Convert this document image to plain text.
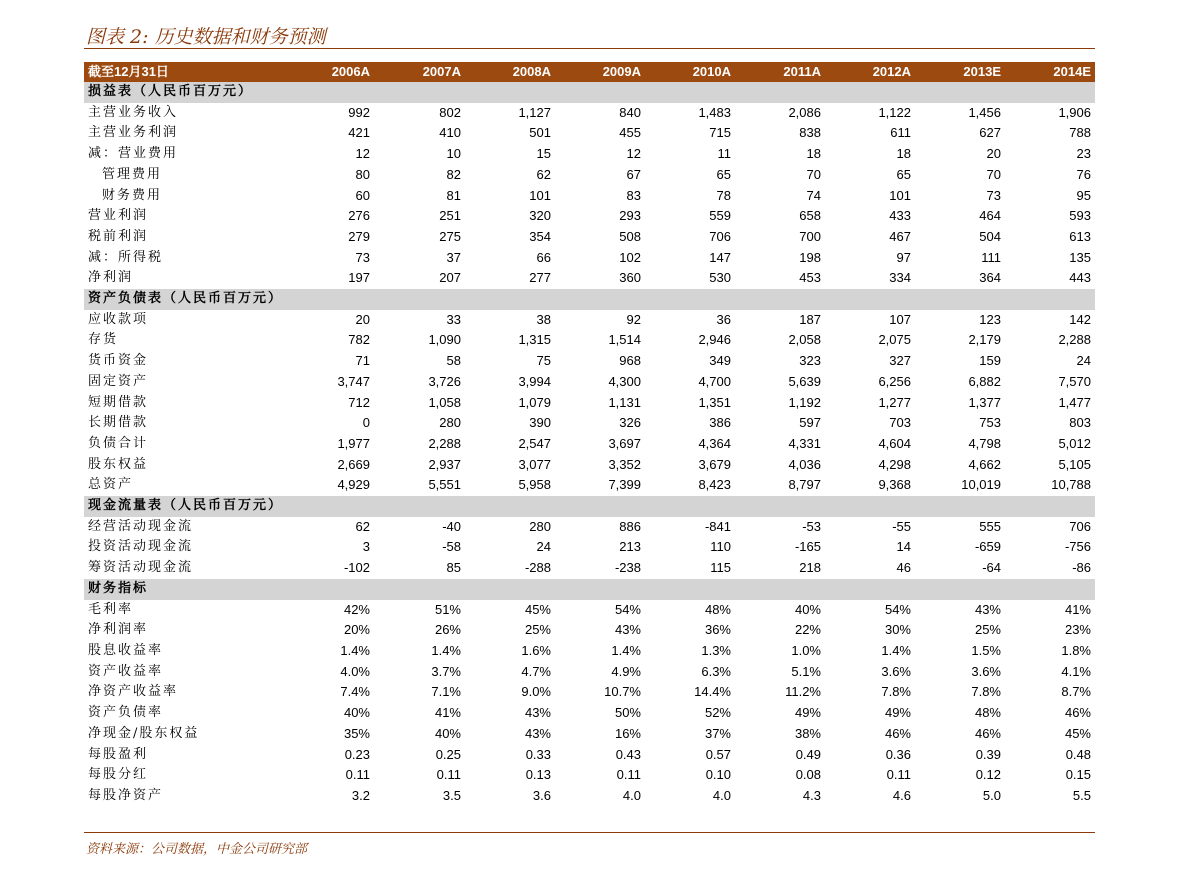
图表 2: 历史数据和财务预测
截至12月31日	2006A	2007A	2008A	2009A	2010A	2011A	2012A	2013E	2014E
损益表（人民币百万元）									
主营业务收入	992	802	1,127	840	1,483	2,086	1,122	1,456	1,906
主营业务利润	421	410	501	455	715	838	611	627	788
减：营业费用	12	10	15	12	11	18	18	20	23
管理费用	80	82	62	67	65	70	65	70	76
财务费用	60	81	101	83	78	74	101	73	95
营业利润	276	251	320	293	559	658	433	464	593
税前利润	279	275	354	508	706	700	467	504	613
减：所得税	73	37	66	102	147	198	97	111	135
净利润	197	207	277	360	530	453	334	364	443
资产负债表（人民币百万元）									
应收款项	20	33	38	92	36	187	107	123	142
存货	782	1,090	1,315	1,514	2,946	2,058	2,075	2,179	2,288
货币资金	71	58	75	968	349	323	327	159	24
固定资产	3,747	3,726	3,994	4,300	4,700	5,639	6,256	6,882	7,570
短期借款	712	1,058	1,079	1,131	1,351	1,192	1,277	1,377	1,477
长期借款	0	280	390	326	386	597	703	753	803
负债合计	1,977	2,288	2,547	3,697	4,364	4,331	4,604	4,798	5,012
股东权益	2,669	2,937	3,077	3,352	3,679	4,036	4,298	4,662	5,105
总资产	4,929	5,551	5,958	7,399	8,423	8,797	9,368	10,019	10,788
现金流量表（人民币百万元）									
经营活动现金流	62	-40	280	886	-841	-53	-55	555	706
投资活动现金流	3	-58	24	213	110	-165	14	-659	-756
筹资活动现金流	-102	85	-288	-238	115	218	46	-64	-86
财务指标									
毛利率	42%	51%	45%	54%	48%	40%	54%	43%	41%
净利润率	20%	26%	25%	43%	36%	22%	30%	25%	23%
股息收益率	1.4%	1.4%	1.6%	1.4%	1.3%	1.0%	1.4%	1.5%	1.8%
资产收益率	4.0%	3.7%	4.7%	4.9%	6.3%	5.1%	3.6%	3.6%	4.1%
净资产收益率	7.4%	7.1%	9.0%	10.7%	14.4%	11.2%	7.8%	7.8%	8.7%
资产负债率	40%	41%	43%	50%	52%	49%	49%	48%	46%
净现金/股东权益	35%	40%	43%	16%	37%	38%	46%	46%	45%
每股盈利	0.23	0.25	0.33	0.43	0.57	0.49	0.36	0.39	0.48
每股分红	0.11	0.11	0.13	0.11	0.10	0.08	0.11	0.12	0.15
每股净资产	3.2	3.5	3.6	4.0	4.0	4.3	4.6	5.0	5.5
资料来源：公司数据，中金公司研究部
